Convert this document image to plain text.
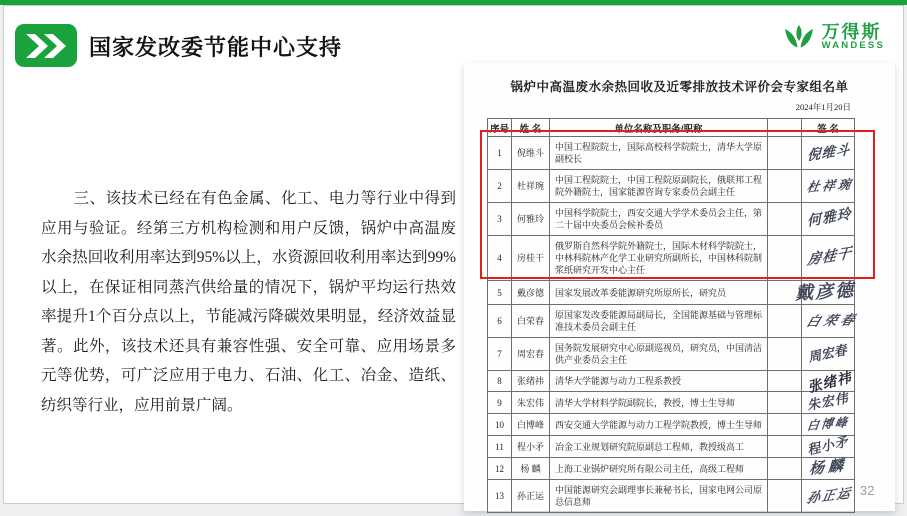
国家发改委节能中心支持
万得斯
WANDESS
三、该技术已经在有色金属、化工、电力等行业中得到应用与验证。经第三方机构检测和用户反馈，锅炉中高温废水余热回收利用率达到95%以上，水资源回收利用率达到99%以上，在保证相同蒸汽供给量的情况下，锅炉平均运行热效率提升1个百分点以上，节能减污降碳效果明显，经济效益显著。此外，该技术还具有兼容性强、安全可靠、应用场景多元等优势，可广泛应用于电力、石油、化工、冶金、造纸、纺织等行业，应用前景广阔。
锅炉中高温废水余热回收及近零排放技术评价会专家组名单
2024年1月20日
序号	姓 名	单位名称及职务/职称		签 名
1	倪维斗	中国工程院院士，国际高校科学院院士，清华大学原副校长		倪维斗
2	杜祥琬	中国工程院院士，中国工程院原副院长，俄联邦工程院外籍院士，国家能源咨询专家委员会副主任		杜祥琬
3	何雅玲	中国科学院院士，西安交通大学学术委员会主任，第二十届中央委员会候补委员		何雅玲
4	房桂干	俄罗斯自然科学院外籍院士，国际木材科学院院士，中林科院林产化学工业研究所副所长，中国林科院制浆纸研究开发中心主任		房桂干
5	戴彦德	国家发展改革委能源研究所原所长，研究员		戴彦德
6	白荣春	原国家发改委能源局副局长，全国能源基础与管理标准技术委员会副主任		白荣春
7	周宏春	国务院发展研究中心原副巡视员，研究员，中国清洁供产业委员会主任		周宏春
8	张绪祎	清华大学能源与动力工程系教授		张绪祎
9	朱宏伟	清华大学材料学院副院长，教授，博士生导师		朱宏伟
10	白博峰	西安交通大学能源与动力工程学院教授，博士生导师		白博峰
11	程小矛	冶金工业规划研究院原副总工程师，教授级高工		程小矛
12	杨 麟	上海工业锅炉研究所有限公司主任，高级工程师		杨麟
13	孙正运	中国能源研究会副理事长兼秘书长，国家电网公司原总信息师		孙正运 32
